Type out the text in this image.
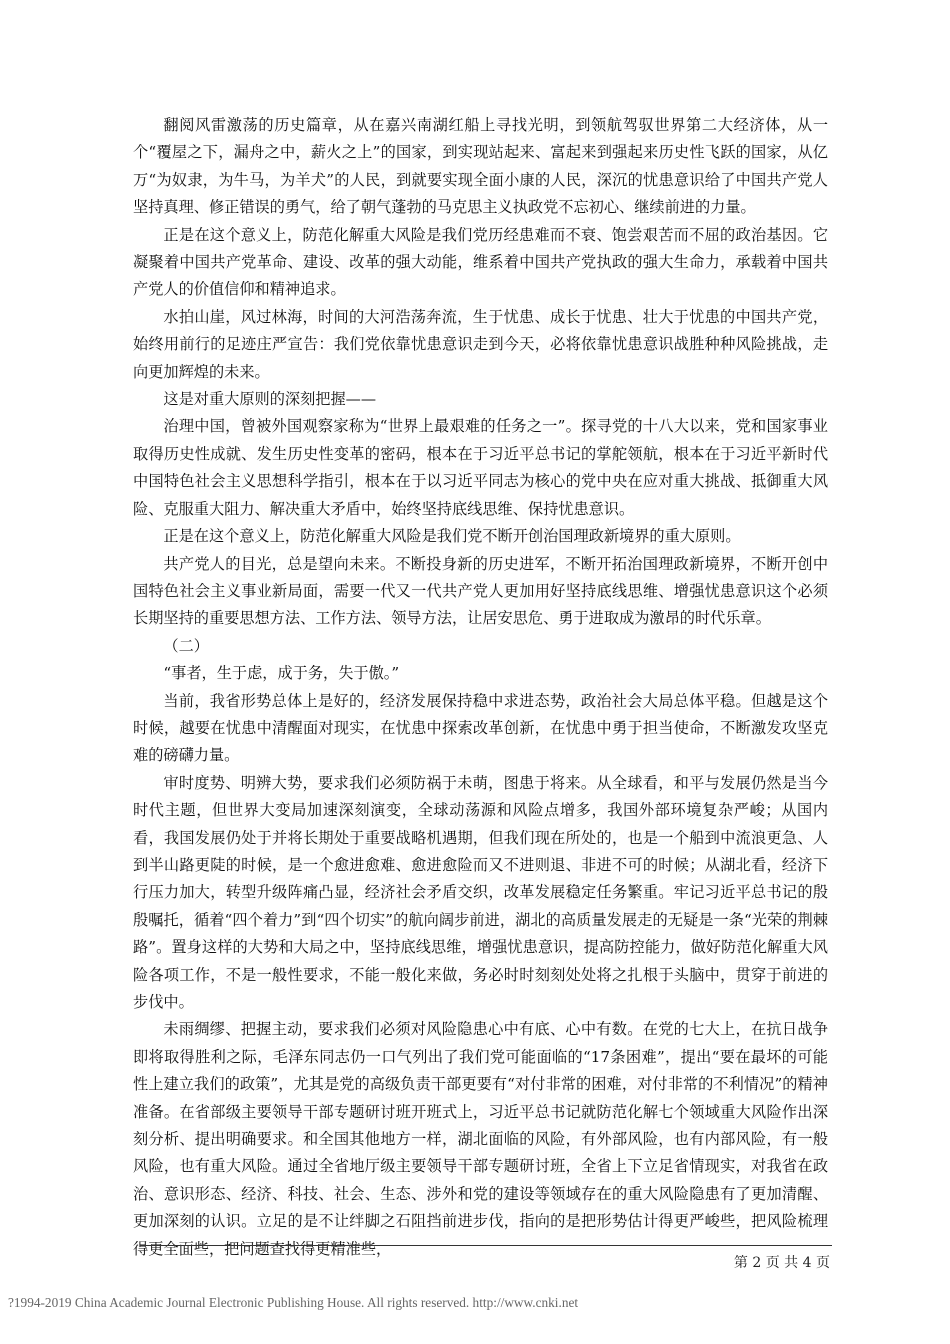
翻阅风雷激荡的历史篇章，从在嘉兴南湖红船上寻找光明，到领航驾驭世界第二大经济体，从一个“覆屋之下，漏舟之中，薪火之上”的国家，到实现站起来、富起来到强起来历史性飞跃的国家，从亿万“为奴隶，为牛马，为羊犬”的人民，到就要实现全面小康的人民，深沉的忧患意识给了中国共产党人坚持真理、修正错误的勇气，给了朝气蓬勃的马克思主义执政党不忘初心、继续前进的力量。

正是在这个意义上，防范化解重大风险是我们党历经患难而不衰、饱尝艰苦而不屈的政治基因。它凝聚着中国共产党革命、建设、改革的强大动能，维系着中国共产党执政的强大生命力，承载着中国共产党人的价值信仰和精神追求。

水拍山崖，风过林海，时间的大河浩荡奔流，生于忧患、成长于忧患、壮大于忧患的中国共产党，始终用前行的足迹庄严宣告：我们党依靠忧患意识走到今天，必将依靠忧患意识战胜种种风险挑战，走向更加辉煌的未来。

这是对重大原则的深刻把握——

治理中国，曾被外国观察家称为“世界上最艰难的任务之一”。探寻党的十八大以来，党和国家事业取得历史性成就、发生历史性变革的密码，根本在于习近平总书记的掌舵领航，根本在于习近平新时代中国特色社会主义思想科学指引，根本在于以习近平同志为核心的党中央在应对重大挑战、抵御重大风险、克服重大阻力、解决重大矛盾中，始终坚持底线思维、保持忧患意识。

正是在这个意义上，防范化解重大风险是我们党不断开创治国理政新境界的重大原则。

共产党人的目光，总是望向未来。不断投身新的历史进军，不断开拓治国理政新境界，不断开创中国特色社会主义事业新局面，需要一代又一代共产党人更加用好坚持底线思维、增强忧患意识这个必须长期坚持的重要思想方法、工作方法、领导方法，让居安思危、勇于进取成为激昂的时代乐章。

（二）

“事者，生于虑，成于务，失于傲。”

当前，我省形势总体上是好的，经济发展保持稳中求进态势，政治社会大局总体平稳。但越是这个时候，越要在忧患中清醒面对现实，在忧患中探索改革创新，在忧患中勇于担当使命，不断激发攻坚克难的磅礴力量。

审时度势、明辨大势，要求我们必须防祸于未萌，图患于将来。从全球看，和平与发展仍然是当今时代主题，但世界大变局加速深刻演变，全球动荡源和风险点增多，我国外部环境复杂严峻；从国内看，我国发展仍处于并将长期处于重要战略机遇期，但我们现在所处的，也是一个船到中流浪更急、人到半山路更陡的时候，是一个愈进愈难、愈进愈险而又不进则退、非进不可的时候；从湖北看，经济下行压力加大，转型升级阵痛凸显，经济社会矛盾交织，改革发展稳定任务繁重。牢记习近平总书记的殷殷嘱托，循着“四个着力”到“四个切实”的航向阔步前进，湖北的高质量发展走的无疑是一条“光荣的荆棘路”。置身这样的大势和大局之中，坚持底线思维，增强忧患意识，提高防控能力，做好防范化解重大风险各项工作，不是一般性要求，不能一般化来做，务必时时刻刻处处将之扎根于头脑中，贯穿于前进的步伐中。

未雨绸缪、把握主动，要求我们必须对风险隐患心中有底、心中有数。在党的七大上，在抗日战争即将取得胜利之际，毛泽东同志仍一口气列出了我们党可能面临的“17条困难”，提出“要在最坏的可能性上建立我们的政策”，尤其是党的高级负责干部更要有“对付非常的困难，对付非常的不利情况”的精神准备。在省部级主要领导干部专题研讨班开班式上，习近平总书记就防范化解七个领域重大风险作出深刻分析、提出明确要求。和全国其他地方一样，湖北面临的风险，有外部风险，也有内部风险，有一般风险，也有重大风险。通过全省地厅级主要领导干部专题研讨班，全省上下立足省情现实，对我省在政治、意识形态、经济、科技、社会、生态、涉外和党的建设等领域存在的重大风险隐患有了更加清醒、更加深刻的认识。立足的是不让绊脚之石阻挡前进步伐，指向的是把形势估计得更严峻些，把风险梳理得更全面些，把问题查找得更精准些，

第 2 页 共 4 页
?1994-2019 China Academic Journal Electronic Publishing House. All rights reserved. http://www.cnki.net
